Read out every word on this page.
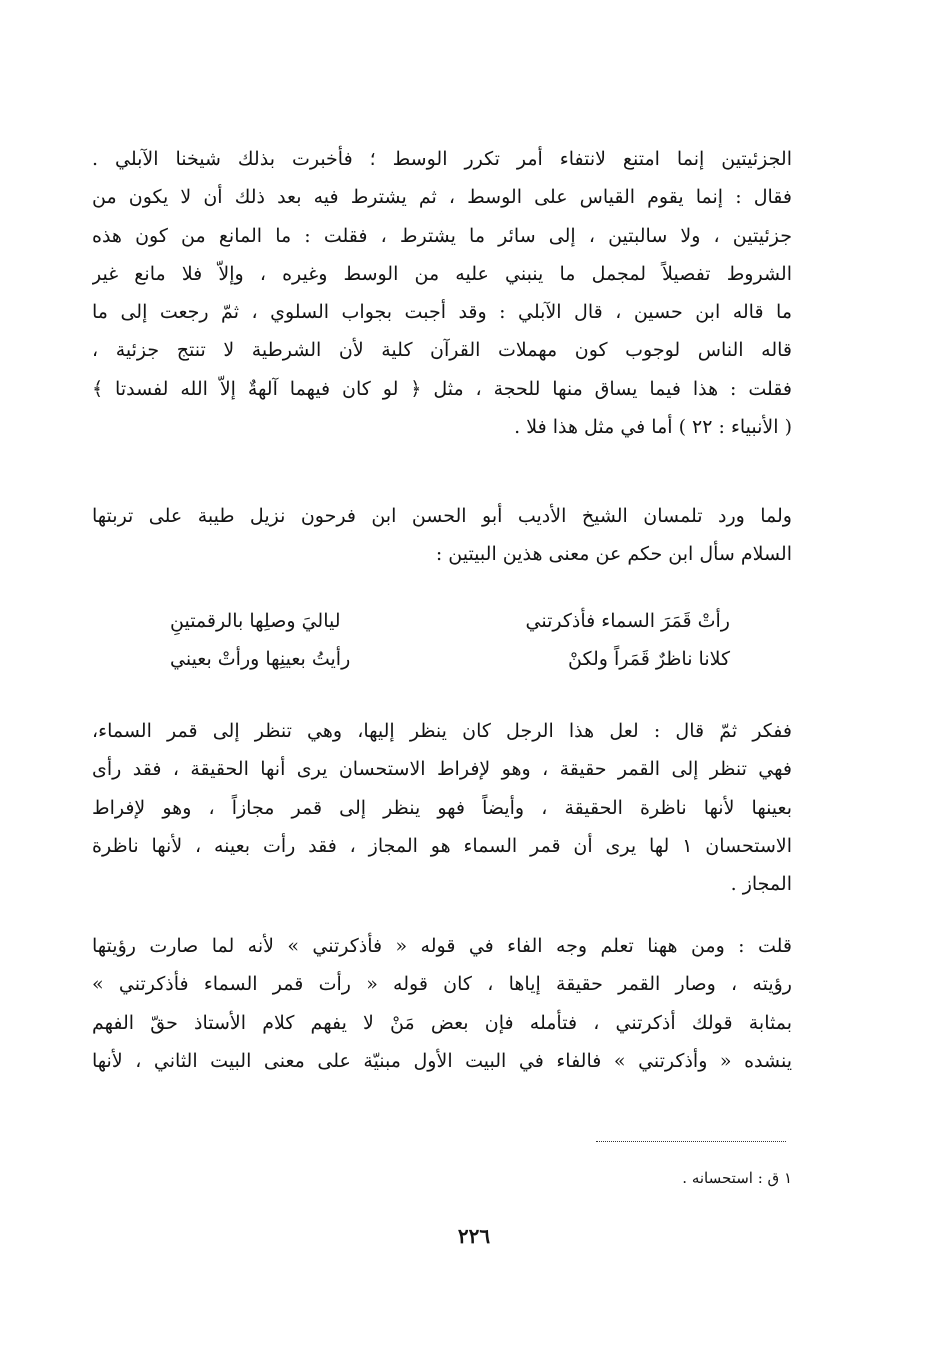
الجزئيتين إنما امتنع لانتفاء أمر تكرر الوسط ؛ فأخبرت بذلك شيخنا الآبلي .
فقال : إنما يقوم القياس على الوسط ، ثم يشترط فيه بعد ذلك أن لا يكون من
جزئيتين ، ولا سالبتين ، إلى سائر ما يشترط ، فقلت : ما المانع من كون هذه
الشروط تفصيلاً لمجمل ما ينبني عليه من الوسط وغيره ، وإلاّ فلا مانع غير
ما قاله ابن حسين ، قال الآبلي : وقد أجبت بجواب السلوي ، ثمّ رجعت إلى ما
قاله الناس لوجوب كون مهملات القرآن كلية لأن الشرطية لا تنتج جزئية ،
فقلت : هذا فيما يساق منها للحجة ، مثل ﴿ لو كان فيهما آلهةٌ إلاّ الله لفسدتا ﴾
( الأنبياء : ٢٢ ) أما في مثل هذا فلا .
ولما ورد تلمسان الشيخ الأديب أبو الحسن ابن فرحون نزيل طيبة على تربتها
السلام سأل ابن حكم عن معنى هذين البيتين :
رأتْ قَمَرَ السماء فأذكرتني
لياليَ وصلِها بالرقمتينِ
كلانا ناظرٌ قَمَراً ولكنْ
رأيتُ بعينِها ورأتْ بعيني
ففكر ثمّ قال : لعل هذا الرجل كان ينظر إليها، وهي تنظر إلى قمر السماء،
فهي تنظر إلى القمر حقيقة ، وهو لإفراط الاستحسان يرى أنها الحقيقة ، فقد رأى
بعينها لأنها ناظرة الحقيقة ، وأيضاً فهو ينظر إلى قمر مجازاً ، وهو لإفراط
الاستحسان ١ لها يرى أن قمر السماء هو المجاز ، فقد رأت بعينه ، لأنها ناظرة
المجاز .
قلت : ومن ههنا تعلم وجه الفاء في قوله « فأذكرتني » لأنه لما صارت رؤيتها
رؤيته ، وصار القمر حقيقة إياها ، كان قوله « رأت قمر السماء فأذكرتني »
بمثابة قولك أذكرتني ، فتأمله فإن بعض مَنْ لا يفهم كلام الأستاذ حقّ الفهم
ينشده « وأذكرتني » فالفاء في البيت الأول مبنيّة على معنى البيت الثاني ، لأنها
١ ق : استحسانه .
٢٢٦
